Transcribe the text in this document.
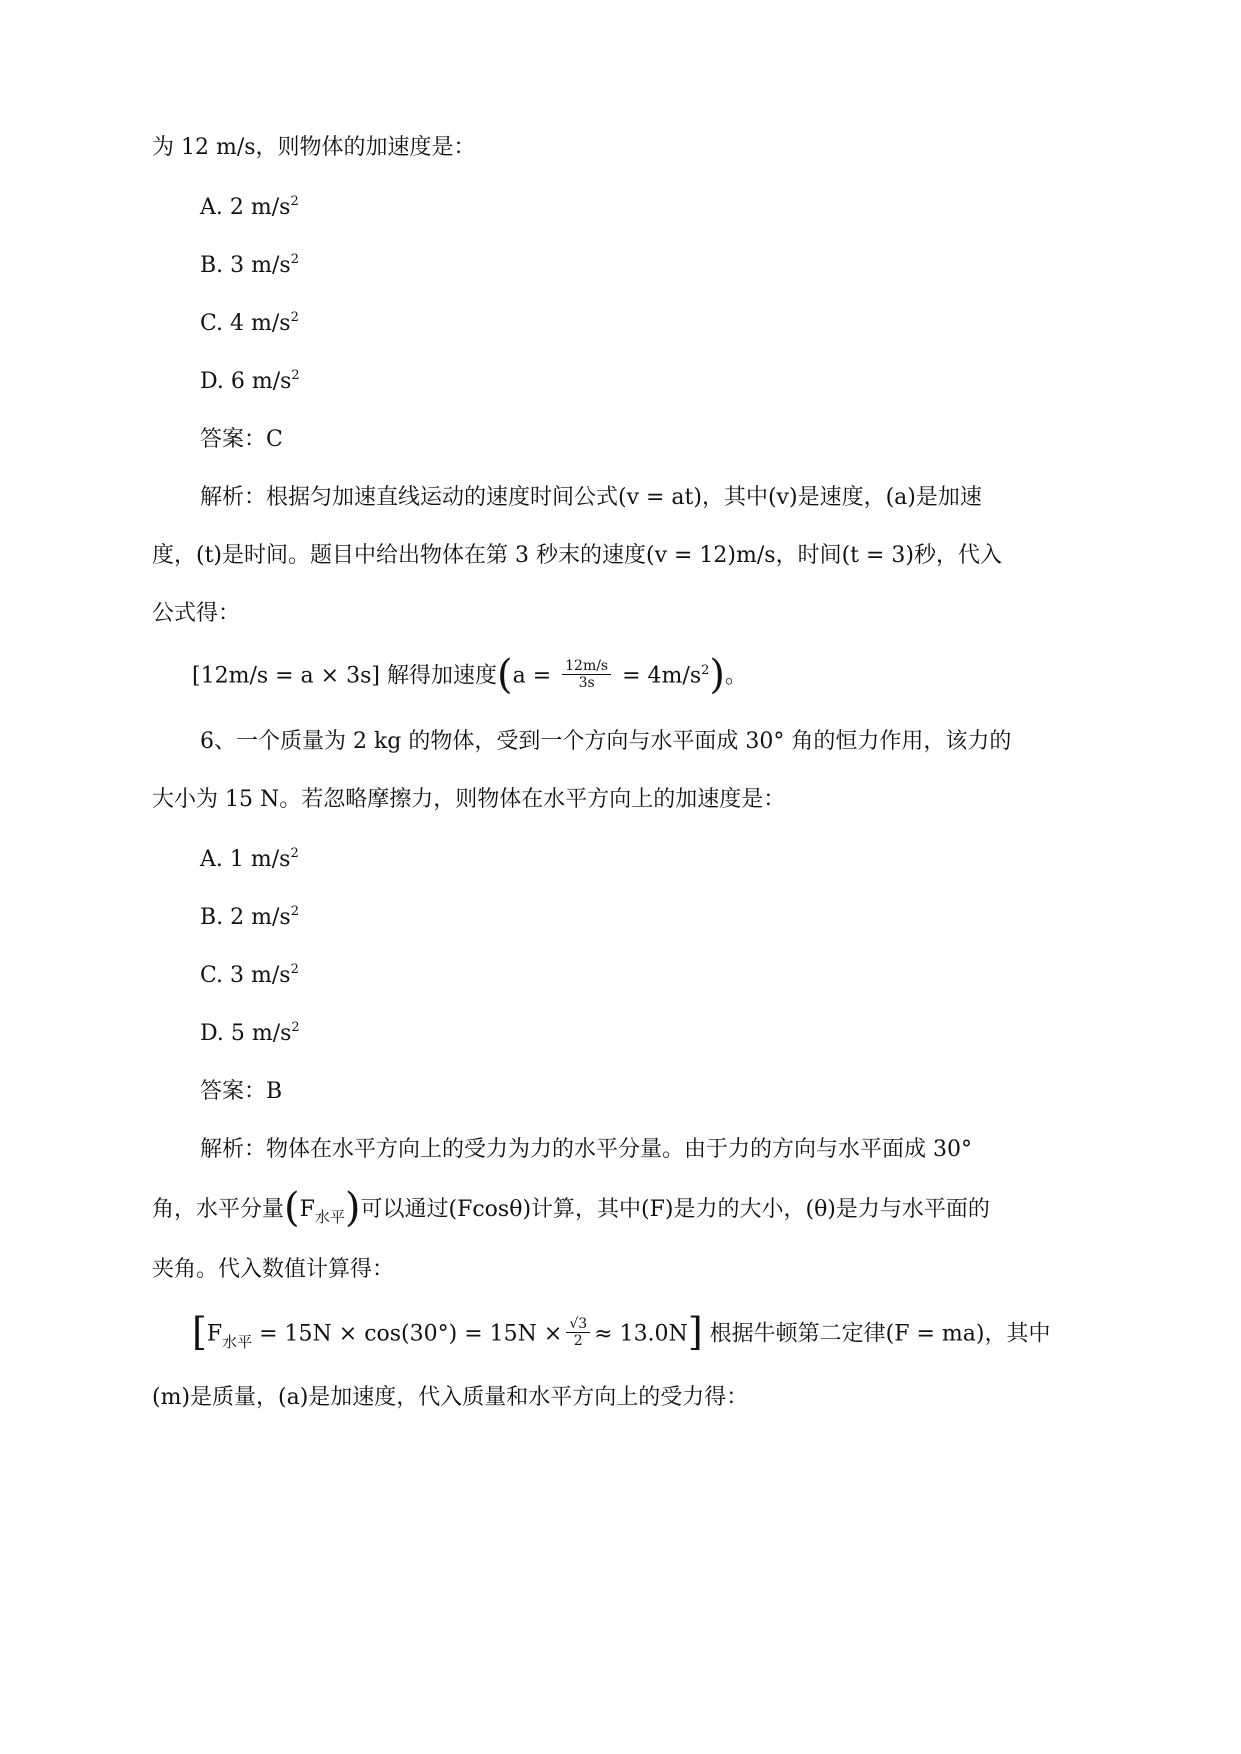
为 12 m/s，则物体的加速度是：
A. 2 $m/s^2$
B. 3 $m/s^2$
C. 4 $m/s^2$
D. 6 $m/s^2$
答案：C
解析：根据匀加速直线运动的速度时间公式(v = at)，其中(v)是速度，(a)是加速
度，(t)是时间。题目中给出物体在第 3 秒末的速度(v = 12)m/s，时间(t = 3)秒，代入
公式得：
[12m/s = a × 3s] 解得加速度$(a = \frac{12m/s}{3s} = 4m/s^2)$。
6、一个质量为 2 kg 的物体，受到一个方向与水平面成 30° 角的恒力作用，该力的
大小为 15 N。若忽略摩擦力，则物体在水平方向上的加速度是：
A. 1 $m/s^2$
B. 2 $m/s^2$
C. 3 $m/s^2$
D. 5 $m/s^2$
答案：B
解析：物体在水平方向上的受力为力的水平分量。由于力的方向与水平面成 30°
角，水平分量$(F_{水平})$可以通过(Fcosθ)计算，其中(F)是力的大小，(θ)是力与水平面的
夹角。代入数值计算得：
$[F_{水平} = 15N \times \cos(30^\circ) = 15N \times \frac{√3}{2} \approx 13.0N]$ 根据牛顿第二定律(F = ma)，其中
(m)是质量，(a)是加速度，代入质量和水平方向上的受力得：
